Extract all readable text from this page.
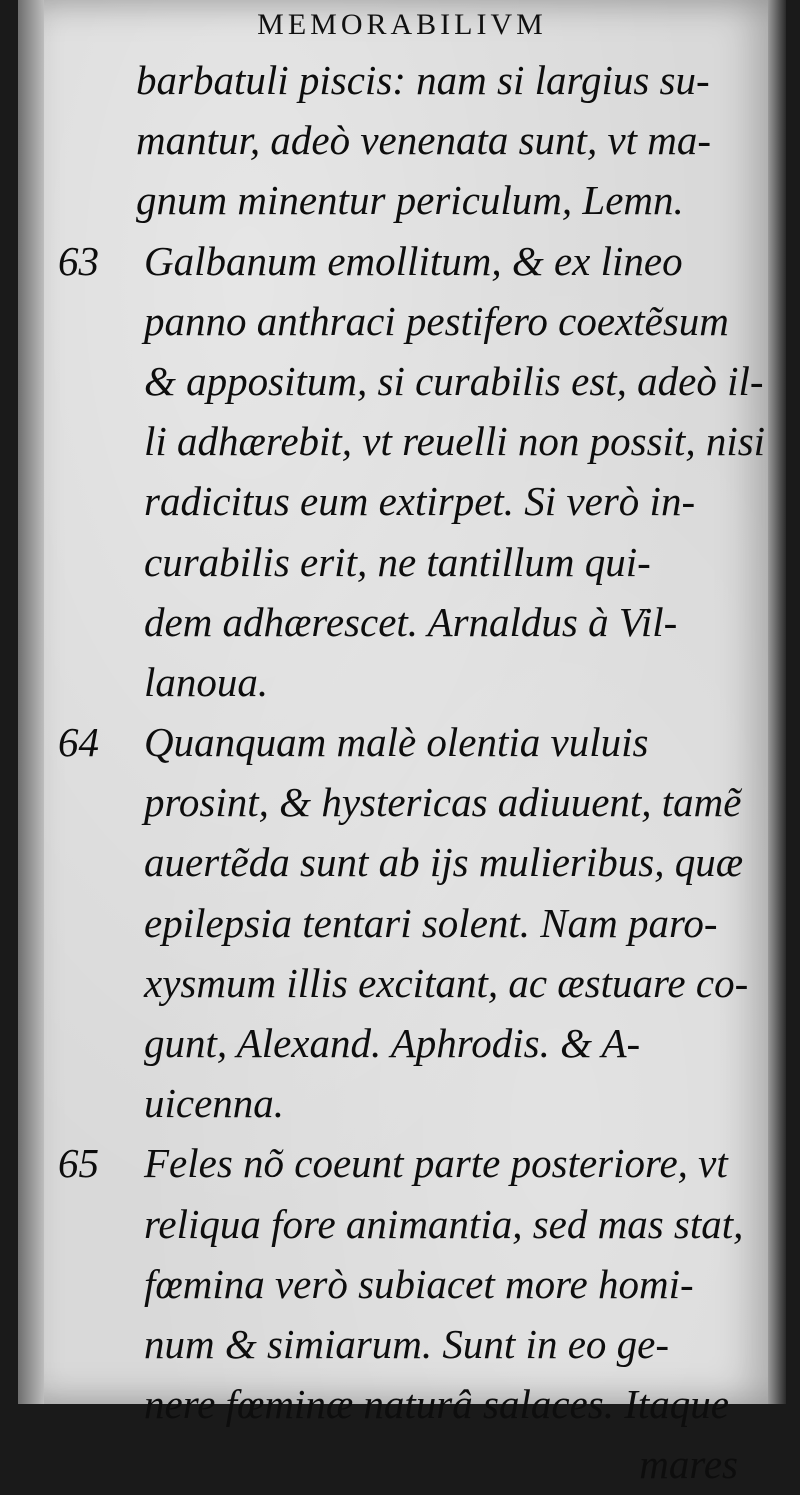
MEMORABILIVM
barbatuli piscis: nam si largius su-
mantur, adeò venenata sunt, vt ma-
gnum minentur periculum, Lemn.
63 Galbanum emollitum, & ex lineo
panno anthraci pestifero coextẽsum
& appositum, si curabilis est, adeò il-
li adhærebit, vt reuelli non possit, nisi
radicitus eum extirpet. Si verò in-
curabilis erit, ne tantillum qui-
dem adhærescet. Arnaldus à Vil-
lanoua.
64 Quanquam malè olentia vuluis
prosint, & hystericas adiuuent, tamẽ
auertẽda sunt ab ijs mulieribus, quæ
epilepsia tentari solent. Nam paro-
xysmum illis excitant, ac æstuare co-
gunt, Alexand. Aphrodis. & A-
uicenna.
65 Feles nõ coeunt parte posteriore, vt
reliqua fore animantia, sed mas stat,
fœmina verò subiacet more homi-
num & simiarum. Sunt in eo ge-
nere fœminæ naturâ salaces. Itaque
mares
